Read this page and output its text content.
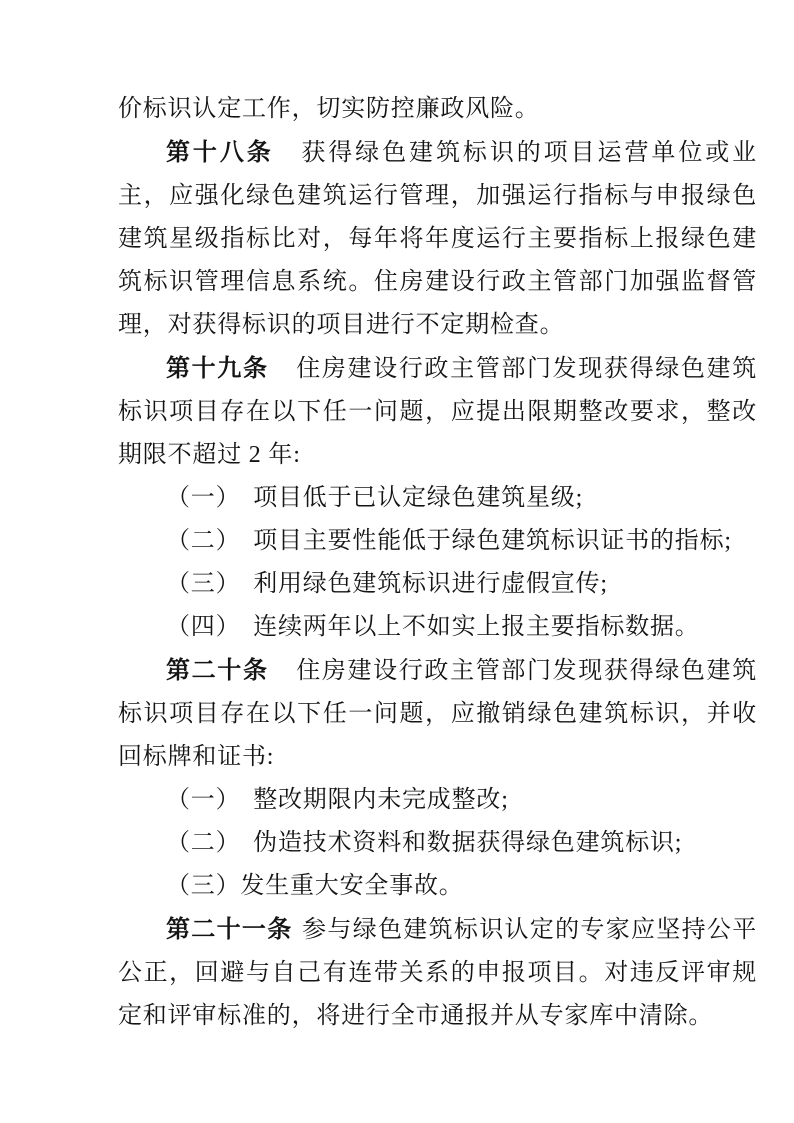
价标识认定工作，切实防控廉政风险。

第十八条 获得绿色建筑标识的项目运营单位或业主，应强化绿色建筑运行管理，加强运行指标与申报绿色建筑星级指标比对，每年将年度运行主要指标上报绿色建筑标识管理信息系统。住房建设行政主管部门加强监督管理，对获得标识的项目进行不定期检查。

第十九条 住房建设行政主管部门发现获得绿色建筑标识项目存在以下任一问题，应提出限期整改要求，整改期限不超过 2 年:

（一）　项目低于已认定绿色建筑星级;

（二）　项目主要性能低于绿色建筑标识证书的指标;

（三）　利用绿色建筑标识进行虚假宣传;

（四）　连续两年以上不如实上报主要指标数据。

第二十条 住房建设行政主管部门发现获得绿色建筑标识项目存在以下任一问题，应撤销绿色建筑标识，并收回标牌和证书:

（一）　整改期限内未完成整改;

（二）　伪造技术资料和数据获得绿色建筑标识;

（三）发生重大安全事故。

第二十一条 参与绿色建筑标识认定的专家应坚持公平公正，回避与自己有连带关系的申报项目。对违反评审规定和评审标准的，将进行全市通报并从专家库中清除。
